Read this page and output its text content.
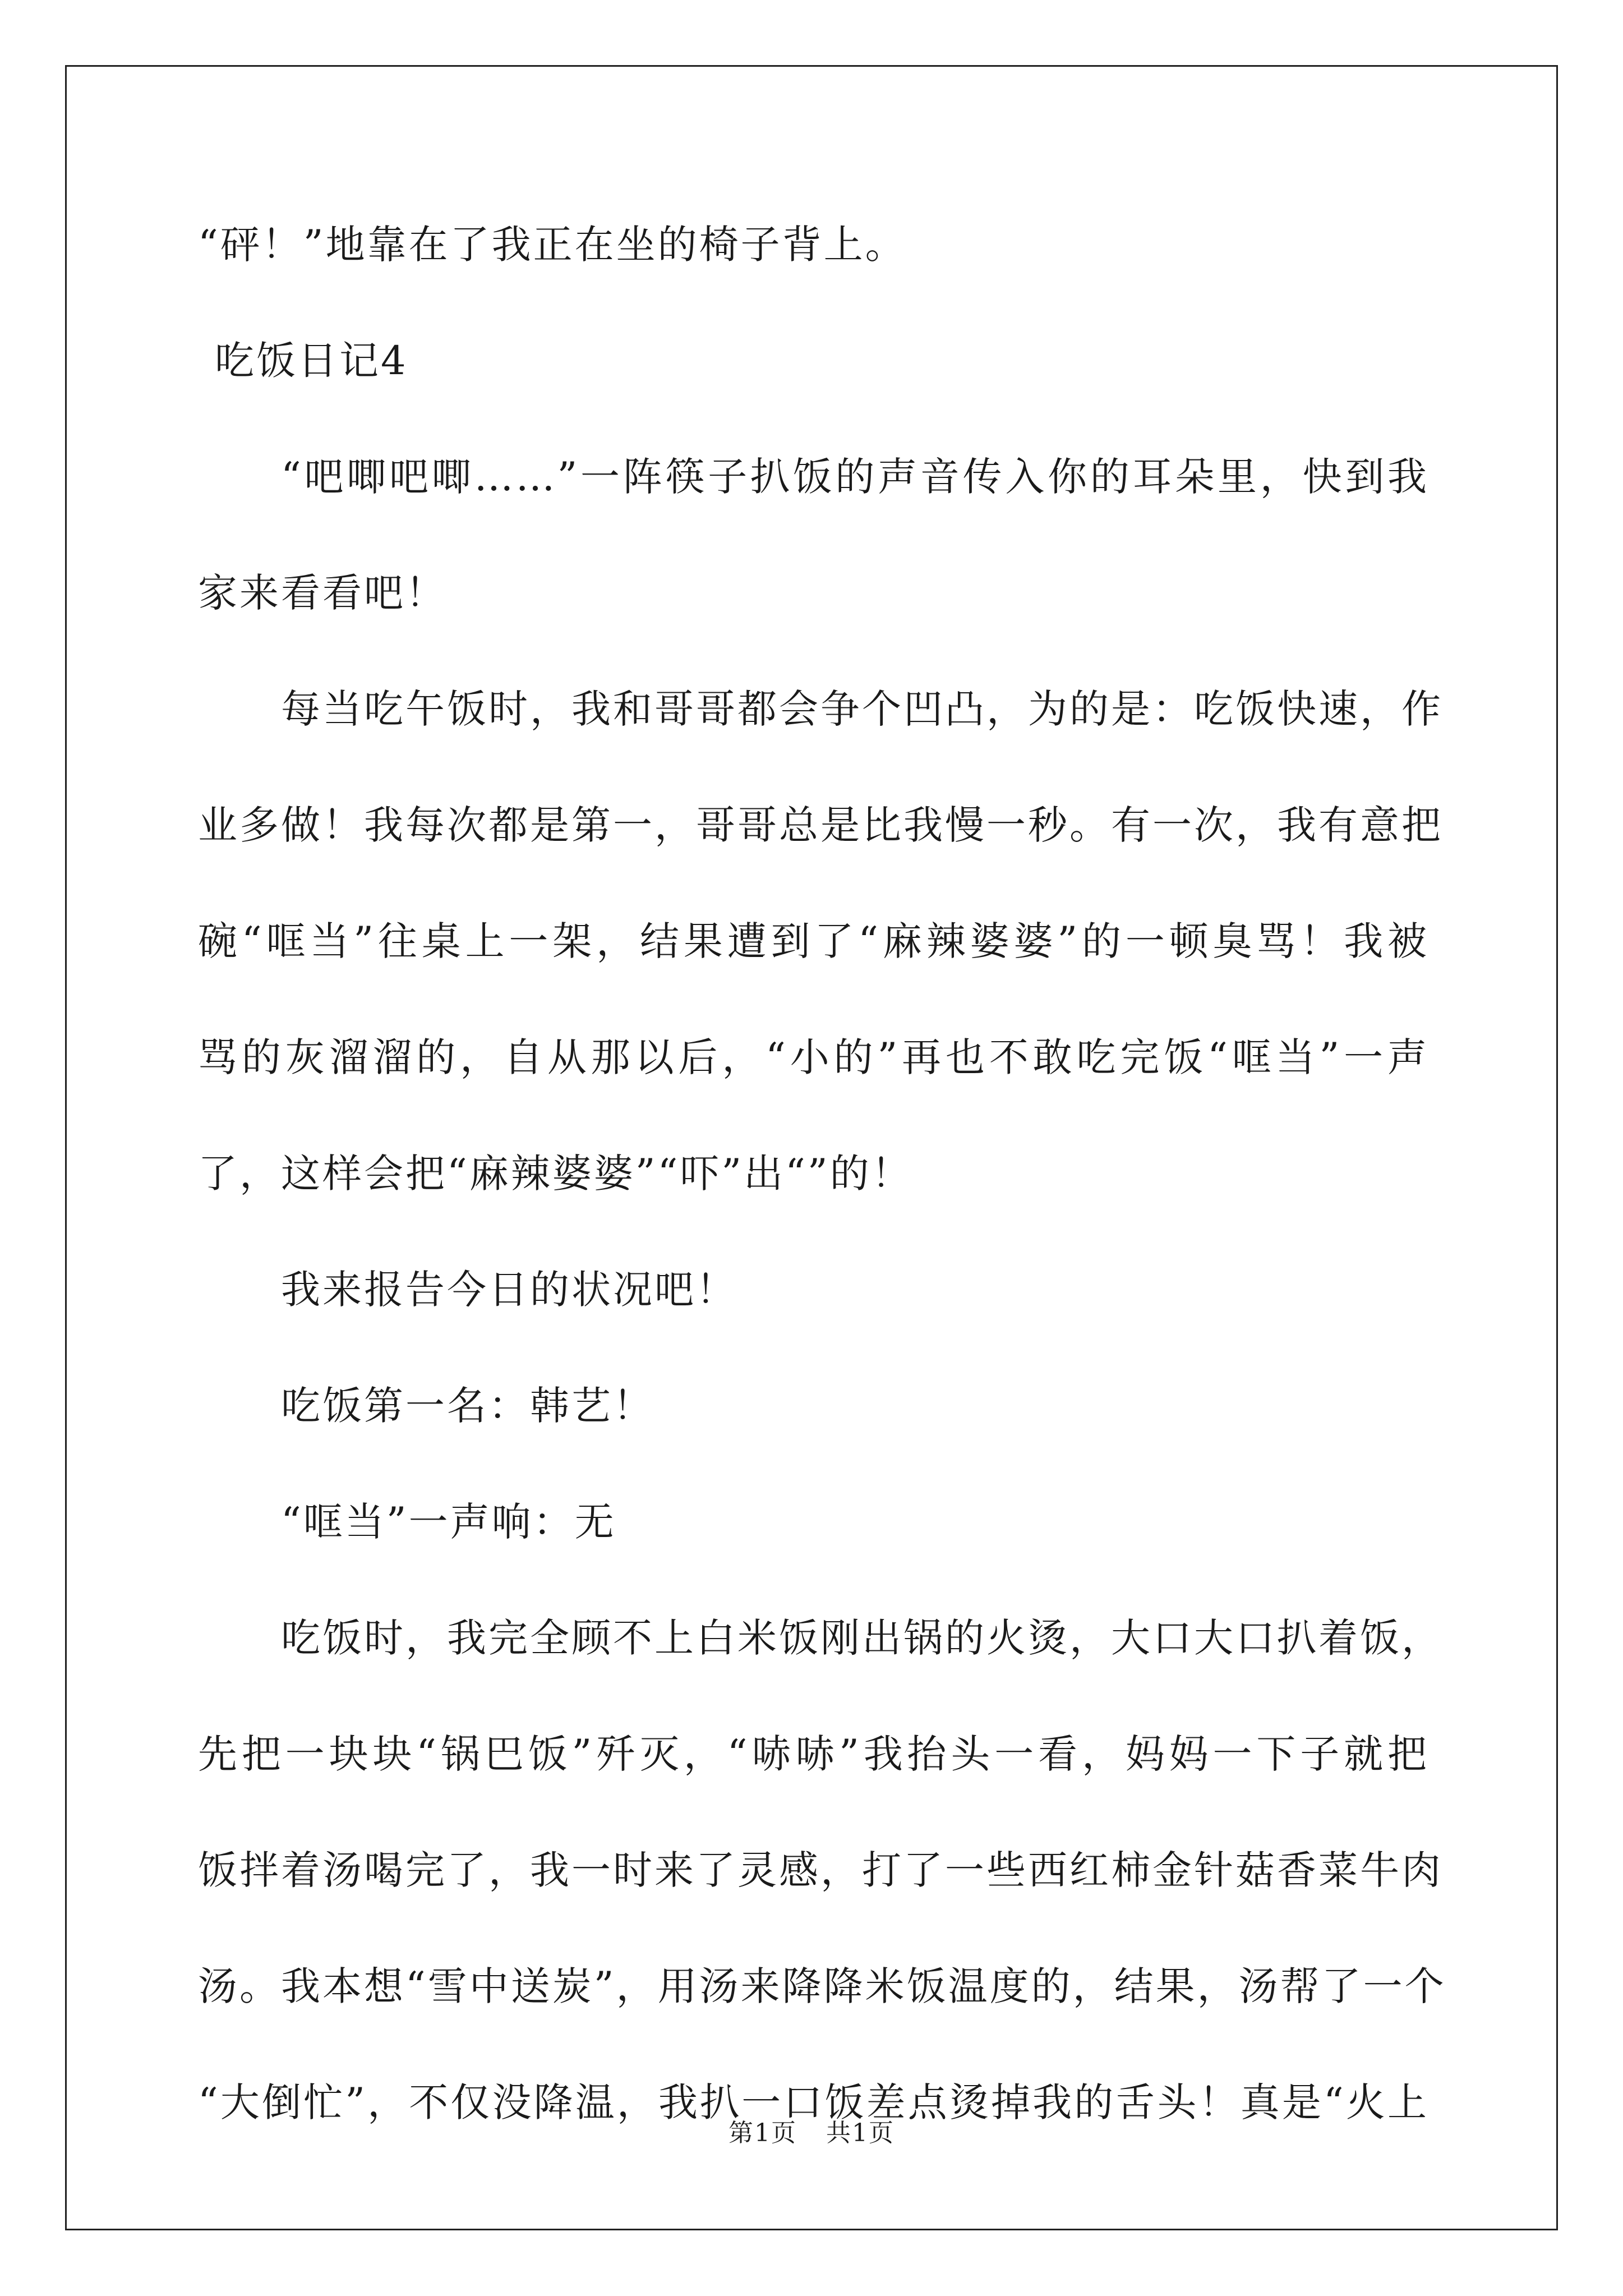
“砰！”地靠在了我正在坐的椅子背上。
吃饭日记4
“吧唧吧唧……”一阵筷子扒饭的声音传入你的耳朵里，快到我
家来看看吧！
每当吃午饭时，我和哥哥都会争个凹凸，为的是：吃饭快速，作
业多做！我每次都是第一，哥哥总是比我慢一秒。有一次，我有意把
碗“哐当”往桌上一架，结果遭到了“麻辣婆婆”的一顿臭骂！我被
骂的灰溜溜的，自从那以后，“小的”再也不敢吃完饭“哐当”一声
了，这样会把“麻辣婆婆”“吓”出“”的！
我来报告今日的状况吧！
吃饭第一名：韩艺！
“哐当”一声响：无
吃饭时，我完全顾不上白米饭刚出锅的火烫，大口大口扒着饭，
先把一块块“锅巴饭”歼灭，“哧哧”我抬头一看，妈妈一下子就把
饭拌着汤喝完了，我一时来了灵感，打了一些西红柿金针菇香菜牛肉
汤。我本想“雪中送炭”，用汤来降降米饭温度的，结果，汤帮了一个
“大倒忙”，不仅没降温，我扒一口饭差点烫掉我的舌头！真是“火上
第1页 共1页
